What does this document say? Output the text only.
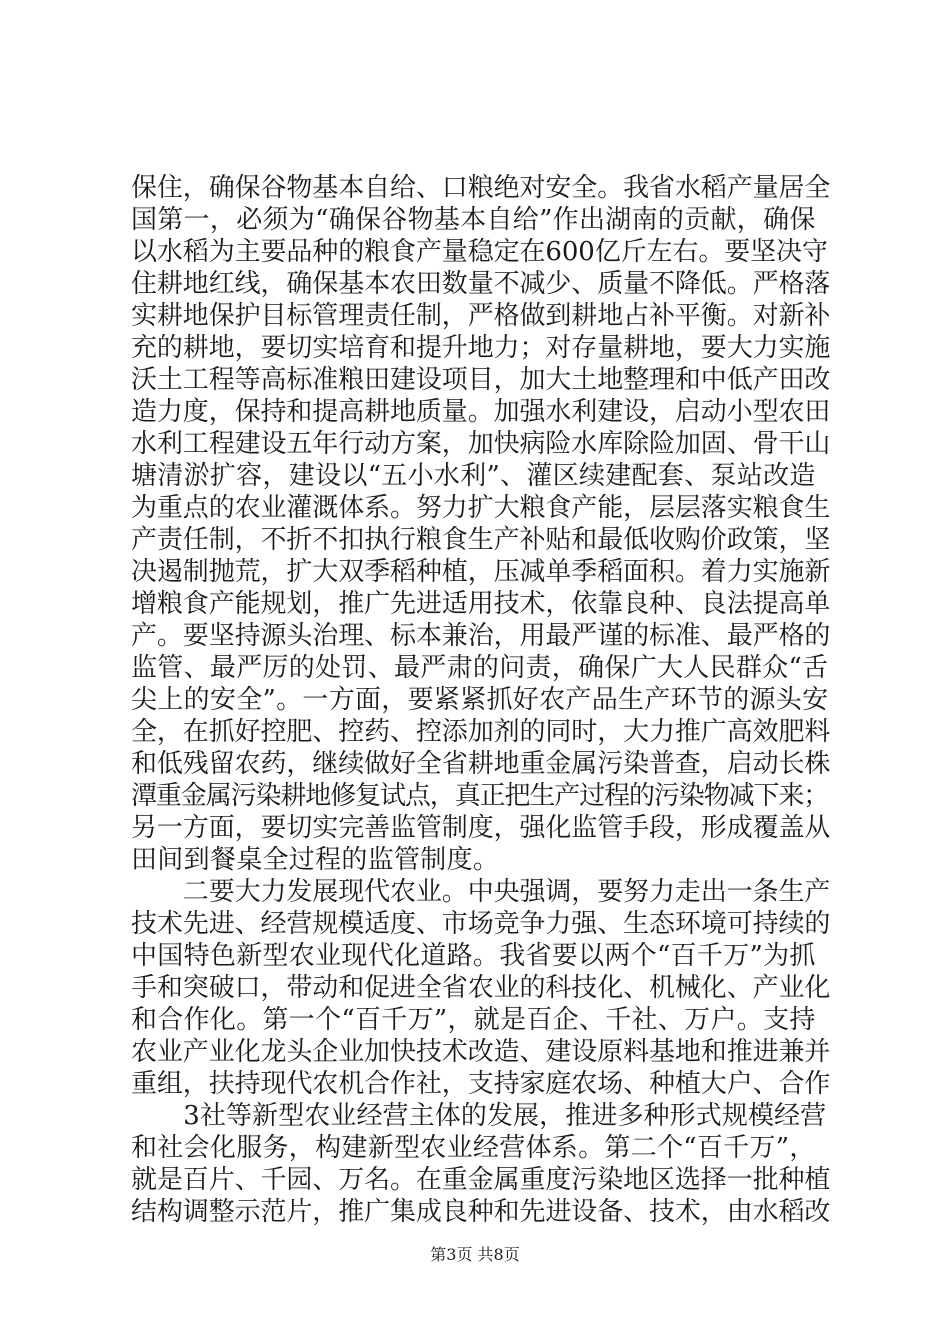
保住，确保谷物基本自给、口粮绝对安全。我省水稻产量居全
国第一，必须为“确保谷物基本自给”作出湖南的贡献，确保
以水稻为主要品种的粮食产量稳定在600亿斤左右。要坚决守
住耕地红线，确保基本农田数量不减少、质量不降低。严格落
实耕地保护目标管理责任制，严格做到耕地占补平衡。对新补
充的耕地，要切实培育和提升地力；对存量耕地，要大力实施
沃土工程等高标准粮田建设项目，加大土地整理和中低产田改
造力度，保持和提高耕地质量。加强水利建设，启动小型农田
水利工程建设五年行动方案，加快病险水库除险加固、骨干山
塘清淤扩容，建设以“五小水利”、灌区续建配套、泵站改造
为重点的农业灌溉体系。努力扩大粮食产能，层层落实粮食生
产责任制，不折不扣执行粮食生产补贴和最低收购价政策，坚
决遏制抛荒，扩大双季稻种植，压减单季稻面积。着力实施新
增粮食产能规划，推广先进适用技术，依靠良种、良法提高单
产。要坚持源头治理、标本兼治，用最严谨的标准、最严格的
监管、最严厉的处罚、最严肃的问责，确保广大人民群众“舌
尖上的安全”。一方面，要紧紧抓好农产品生产环节的源头安
全，在抓好控肥、控药、控添加剂的同时，大力推广高效肥料
和低残留农药，继续做好全省耕地重金属污染普查，启动长株
潭重金属污染耕地修复试点，真正把生产过程的污染物减下来；
另一方面，要切实完善监管制度，强化监管手段，形成覆盖从
田间到餐桌全过程的监管制度。
　　二要大力发展现代农业。中央强调，要努力走出一条生产
技术先进、经营规模适度、市场竞争力强、生态环境可持续的
中国特色新型农业现代化道路。我省要以两个“百千万”为抓
手和突破口，带动和促进全省农业的科技化、机械化、产业化
和合作化。第一个“百千万”，就是百企、千社、万户。支持
农业产业化龙头企业加快技术改造、建设原料基地和推进兼并
重组，扶持现代农机合作社，支持家庭农场、种植大户、合作
　　3社等新型农业经营主体的发展，推进多种形式规模经营
和社会化服务，构建新型农业经营体系。第二个“百千万”，
就是百片、千园、万名。在重金属重度污染地区选择一批种植
结构调整示范片，推广集成良种和先进设备、技术，由水稻改
第3页 共8页
